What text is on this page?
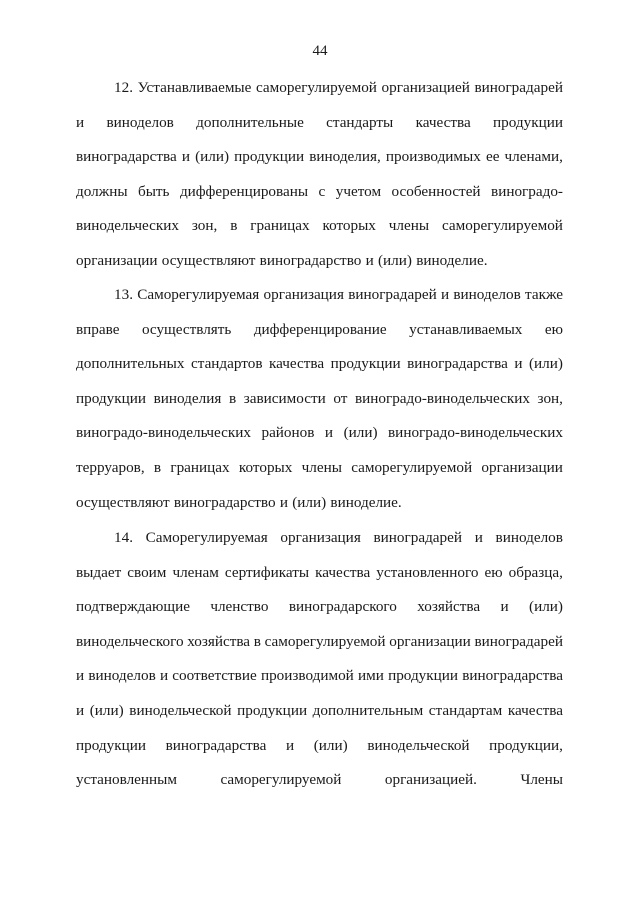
44
12. Устанавливаемые саморегулируемой организацией виноградарей
и виноделов дополнительные стандарты качества продукции
виноградарства и (или) продукции виноделия, производимых ее членами,
должны быть дифференцированы с учетом особенностей виноградо-
винодельческих зон, в границах которых члены саморегулируемой
организации осуществляют виноградарство и (или) виноделие.
13. Саморегулируемая организация виноградарей и виноделов также
вправе осуществлять дифференцирование устанавливаемых ею
дополнительных стандартов качества продукции виноградарства и (или)
продукции виноделия в зависимости от виноградо-винодельческих зон,
виноградо-винодельческих районов и (или) виноградо-винодельческих
терруаров, в границах которых члены саморегулируемой организации
осуществляют виноградарство и (или) виноделие.
14. Саморегулируемая организация виноградарей и виноделов
выдает своим членам сертификаты качества установленного ею образца,
подтверждающие членство виноградарского хозяйства и (или)
винодельческого хозяйства в саморегулируемой организации виноградарей
и виноделов и соответствие производимой ими продукции виноградарства
и (или) винодельческой продукции дополнительным стандартам качества
продукции виноградарства и (или) винодельческой продукции,
установленным	саморегулируемой	организацией.	Члены
